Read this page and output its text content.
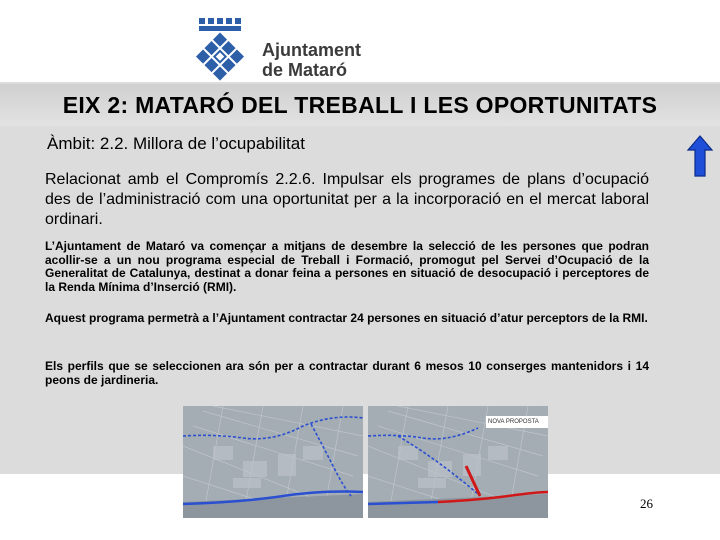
Ajuntament
de Mataró
EIX 2: MATARÓ DEL TREBALL I LES OPORTUNITATS
Àmbit: 2.2. Millora de l’ocupabilitat
Relacionat amb el Compromís 2.2.6. Impulsar els programes de plans d’ocupació des de l’administració com una oportunitat per a la incorporació en el mercat laboral ordinari.
L’Ajuntament de Mataró va començar a mitjans de desembre la selecció de les persones que podran acollir-se a un nou programa especial de Treball i Formació, promogut pel Servei d’Ocupació de la Generalitat de Catalunya, destinat a donar feina a persones en situació de desocupació i perceptores de la Renda Mínima d’Inserció (RMI).
Aquest programa permetrà a l’Ajuntament contractar 24 persones en situació d’atur perceptors de la RMI.
Els perfils que se seleccionen ara són per a contractar durant 6 mesos 10 conserges mantenidors i 14 peons de jardineria.
NOVA PROPOSTA
26
